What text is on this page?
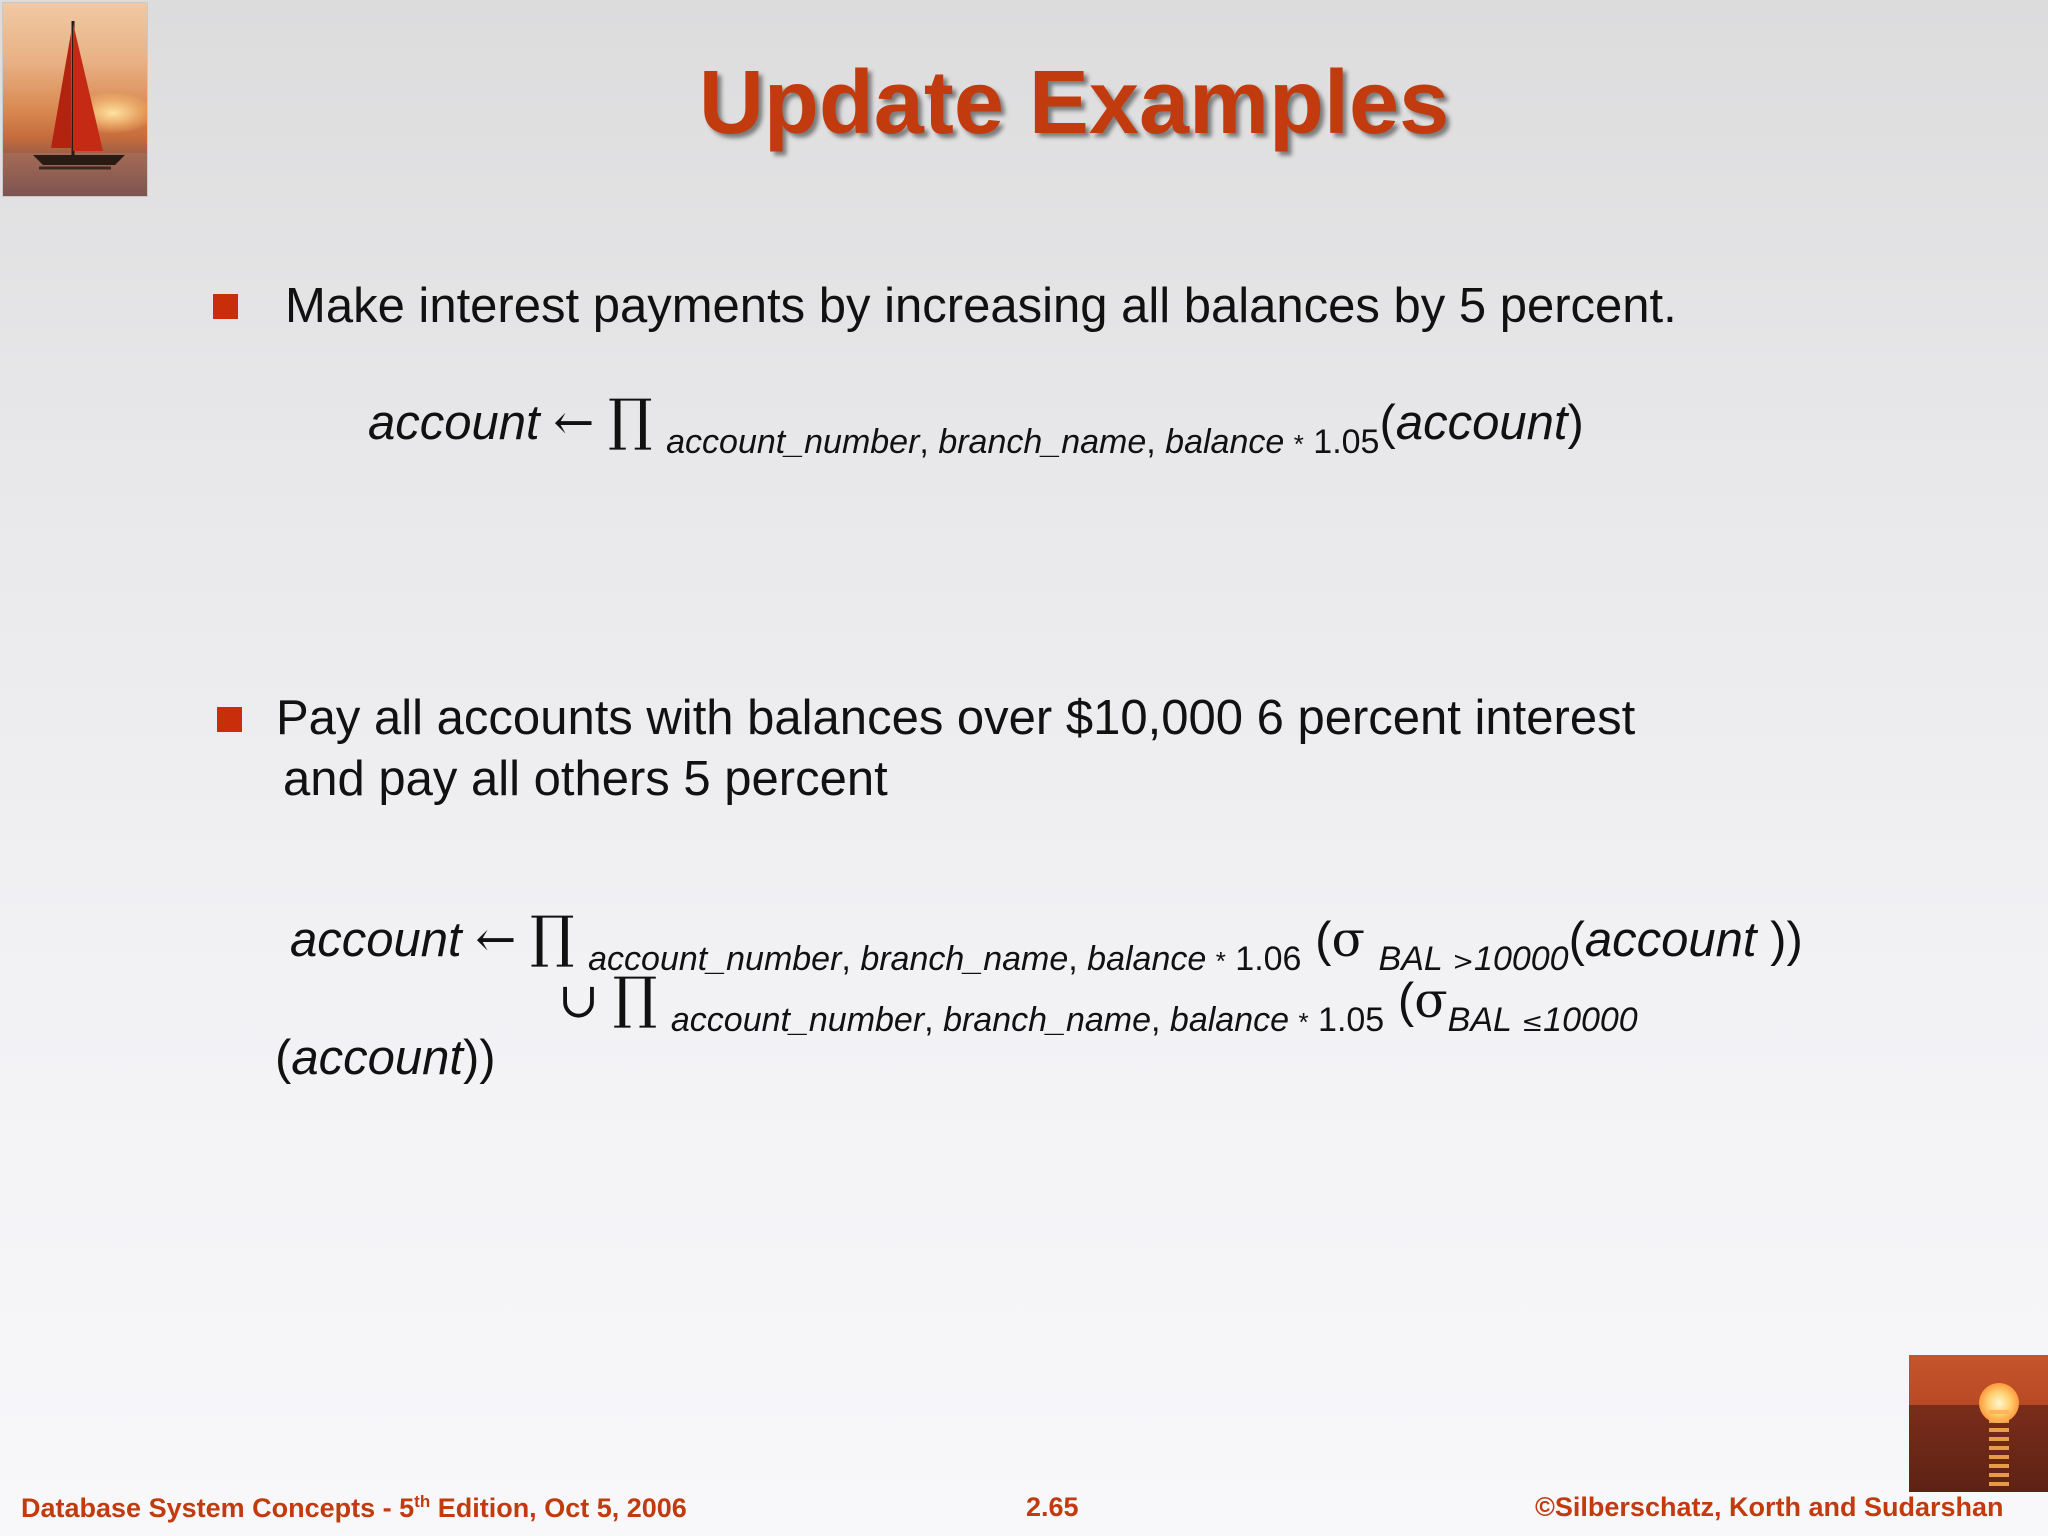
Update Examples
Make interest payments by increasing all balances by 5 percent.
account ← ∏ $_{account\_number, branch\_name, balance * 1.05}$(account)
Pay all accounts with balances over $10,000 6 percent interest
and pay all others 5 percent
account ← ∏ $_{account\_number, branch\_name, balance * 1.06}$ (σ $_{BAL >10000}$(account ))
∪ ∏ $_{account\_number, branch\_name, balance * 1.05}$ ($\sigma_{BAL \le 10000}$
(account))
Database System Concepts - 5th Edition, Oct 5, 2006	2.65	©Silberschatz, Korth and Sudarshan
